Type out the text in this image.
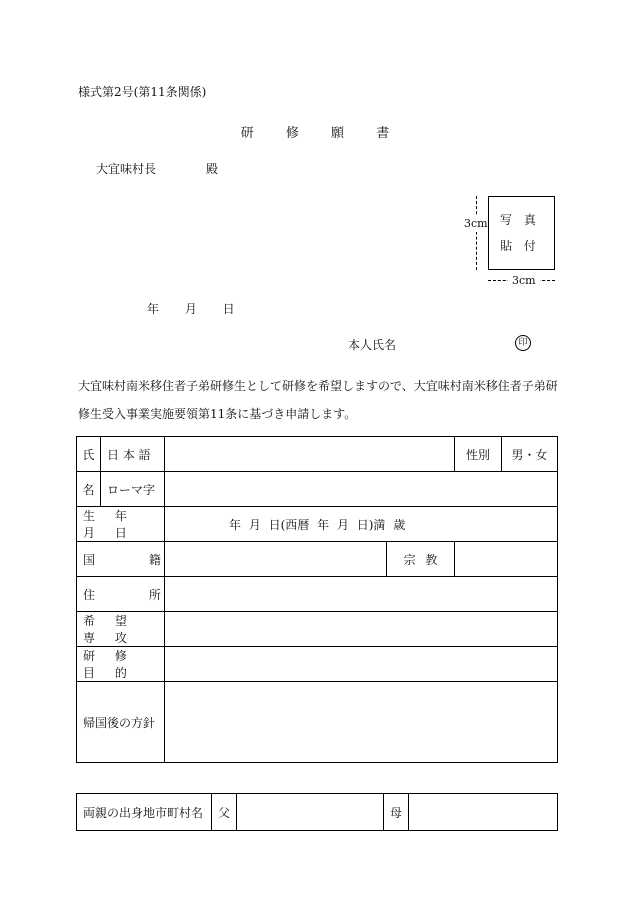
様式第2号(第11条関係)
研 修 願 書
大宜味村長	殿
3cm 写 真
貼 付
3cm
年 月 日
本人氏名	印
大宜味村南米移住者子弟研修生として研修を希望しますので、大宜味村南米移住者子弟研修生受入事業実施要領第11条に基づき申請します。
氏	日 本 語			性別	男・女
名	ローマ字				
生 年 月 日		年 月 日(西暦 年 月 日)満 歳			
国 籍			宗 教		
住 所					
希 望 専 攻					
研 修 目 的					
帰国後の方針					
両親の出身地市町村名	父		母	
